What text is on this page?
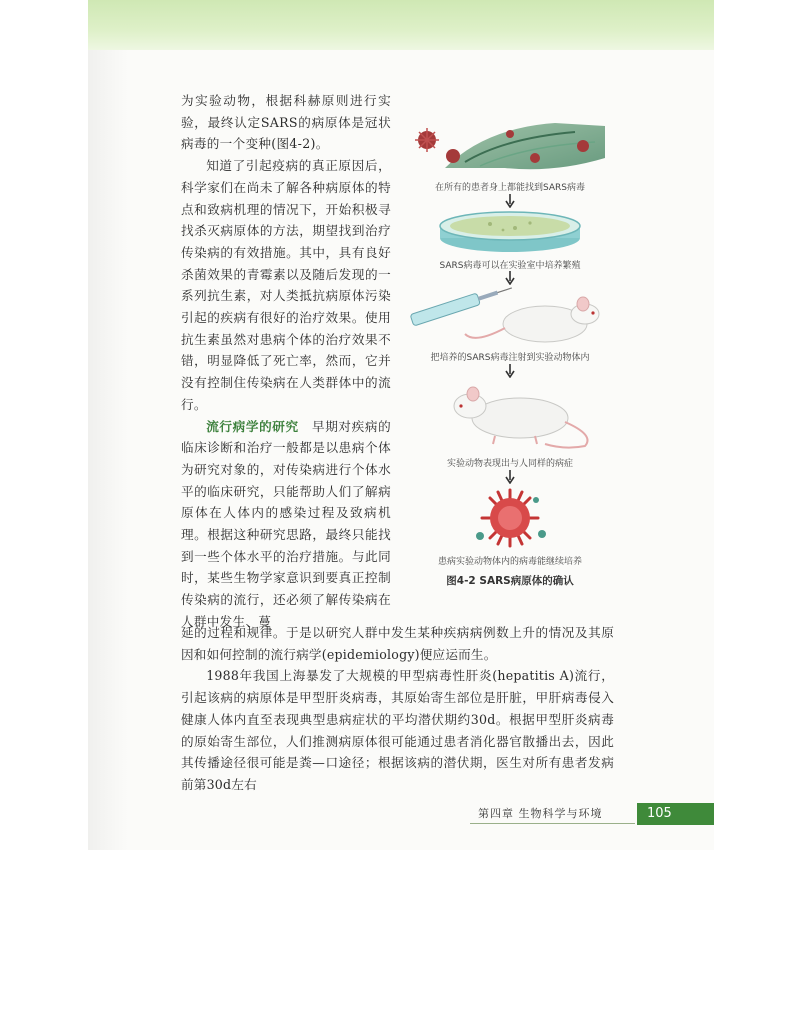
为实验动物，根据科赫原则进行实验，最终认定SARS的病原体是冠状病毒的一个变种(图4-2)。

知道了引起疫病的真正原因后，科学家们在尚未了解各种病原体的特点和致病机理的情况下，开始积极寻找杀灭病原体的方法，期望找到治疗传染病的有效措施。其中，具有良好杀菌效果的青霉素以及随后发现的一系列抗生素，对人类抵抗病原体污染引起的疾病有很好的治疗效果。使用抗生素虽然对患病个体的治疗效果不错，明显降低了死亡率，然而，它并没有控制住传染病在人类群体中的流行。

流行病学的研究　 早期对疾病的临床诊断和治疗一般都是以患病个体为研究对象的，对传染病进行个体水平的临床研究，只能帮助人们了解病原体在人体内的感染过程及致病机理。根据这种研究思路，最终只能找到一些个体水平的治疗措施。与此同时，某些生物学家意识到要真正控制传染病的流行，还必须了解传染病在人群中发生、蔓

延的过程和规律。于是以研究人群中发生某种疾病病例数上升的情况及其原因和如何控制的流行病学(epidemiology)便应运而生。

1988年我国上海暴发了大规模的甲型病毒性肝炎(hepatitis A)流行，引起该病的病原体是甲型肝炎病毒，其原始寄生部位是肝脏，甲肝病毒侵入健康人体内直至表现典型患病症状的平均潜伏期约30d。根据甲型肝炎病毒的原始寄生部位，人们推测病原体很可能通过患者消化器官散播出去，因此其传播途径很可能是粪—口途径；根据该病的潜伏期，医生对所有患者发病前第30d左右

在所有的患者身上都能找到SARS病毒
SARS病毒可以在实验室中培养繁殖
把培养的SARS病毒注射到实验动物体内
实验动物表现出与人同样的病症
患病实验动物体内的病毒能继续培养
图4-2 SARS病原体的确认
第四章 生物科学与环境	105
